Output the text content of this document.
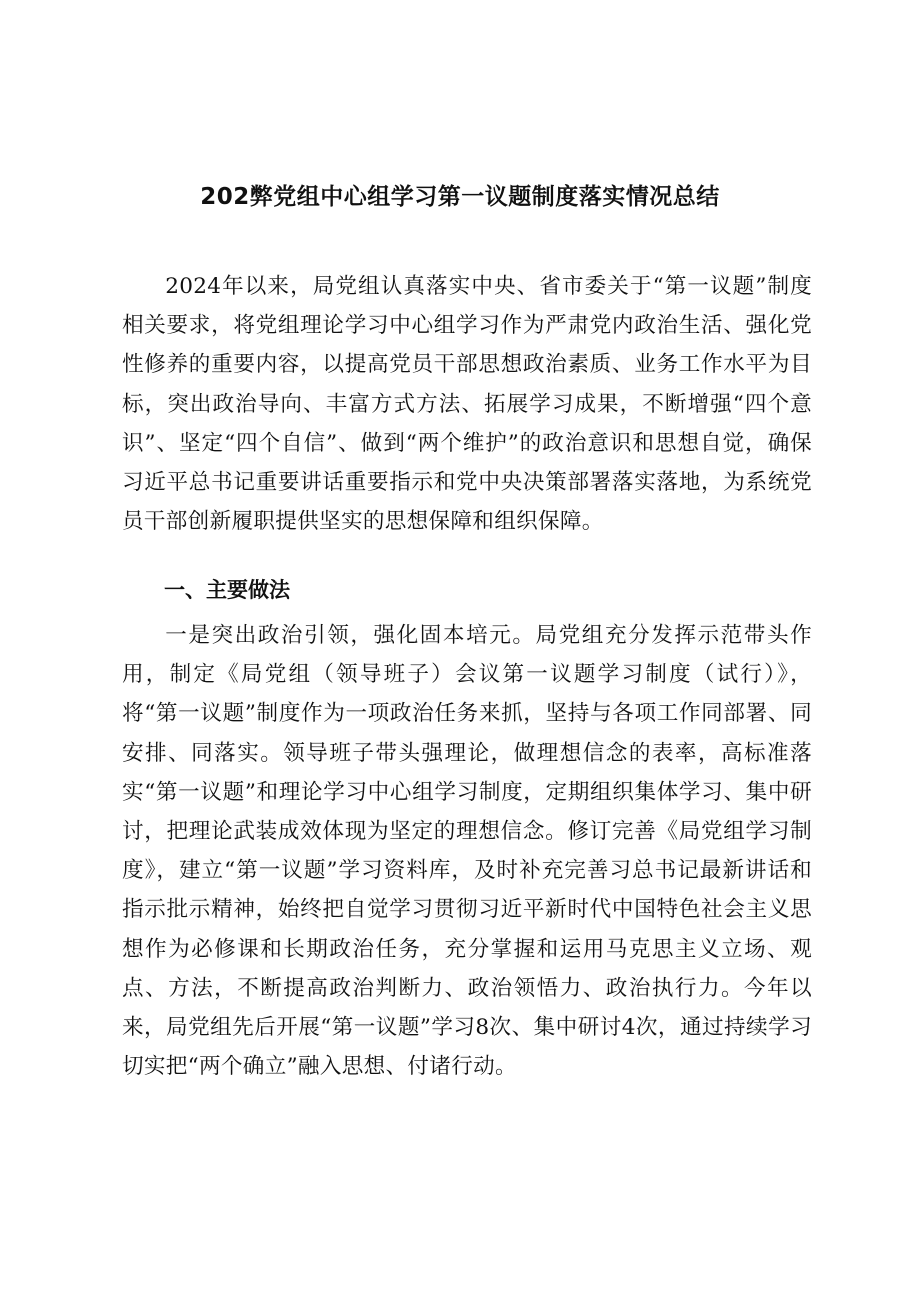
202弊党组中心组学习第一议题制度落实情况总结

2024年以来，局党组认真落实中央、省市委关于“第一议题”制度相关要求，将党组理论学习中心组学习作为严肃党内政治生活、强化党性修养的重要内容，以提高党员干部思想政治素质、业务工作水平为目标，突出政治导向、丰富方式方法、拓展学习成果，不断增强“四个意识”、坚定“四个自信”、做到“两个维护”的政治意识和思想自觉，确保习近平总书记重要讲话重要指示和党中央决策部署落实落地，为系统党员干部创新履职提供坚实的思想保障和组织保障。

一、主要做法

一是突出政治引领，强化固本培元。局党组充分发挥示范带头作用，制定《局党组（领导班子）会议第一议题学习制度（试行）》，将“第一议题”制度作为一项政治任务来抓，坚持与各项工作同部署、同安排、同落实。领导班子带头强理论，做理想信念的表率，高标准落实“第一议题”和理论学习中心组学习制度，定期组织集体学习、集中研讨，把理论武装成效体现为坚定的理想信念。修订完善《局党组学习制度》，建立“第一议题”学习资料库，及时补充完善习总书记最新讲话和指示批示精神，始终把自觉学习贯彻习近平新时代中国特色社会主义思想作为必修课和长期政治任务，充分掌握和运用马克思主义立场、观点、方法，不断提高政治判断力、政治领悟力、政治执行力。今年以来，局党组先后开展“第一议题”学习8次、集中研讨4次，通过持续学习切实把“两个确立”融入思想、付诸行动。
